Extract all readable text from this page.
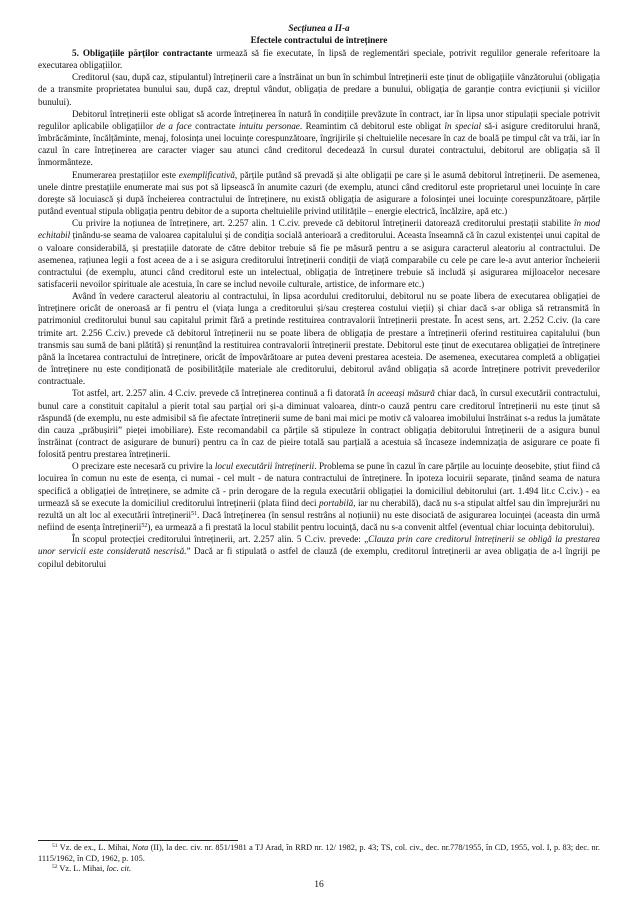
Secțiunea a II-a

Efectele contractului de întreținere

5. Obligațiile părților contractante urmează să fie executate, în lipsă de reglementări speciale, potrivit regulilor generale referitoare la executarea obligațiilor.

Creditorul (sau, după caz, stipulantul) întreținerii care a înstrăinat un bun în schimbul întreținerii este ținut de obligațiile vânzătorului (obligația de a transmite proprietatea bunului sau, după caz, dreptul vândut, obligația de predare a bunului, obligația de garanție contra evicțiunii și viciilor bunului).

Debitorul întreținerii este obligat să acorde întreținerea în natură în condițiile prevăzute în contract, iar în lipsa unor stipulații speciale potrivit regulilor aplicabile obligațiilor de a face contractate intuitu personae. Reamintim că debitorul este obligat în special să-i asigure creditorului hrană, îmbrăcăminte, încălțăminte, menaj, folosința unei locuințe corespunzătoare, îngrijirile și cheltuielile necesare în caz de boală pe timpul cât va trăi, iar în cazul în care întreținerea are caracter viager sau atunci când creditorul decedează în cursul duratei contractului, debitorul are obligația să îl înmormânteze.

Enumerarea prestațiilor este exemplificativă, părțile putând să prevadă și alte obligații pe care și le asumă debitorul întreținerii. De asemenea, unele dintre prestațiile enumerate mai sus pot să lipsească în anumite cazuri (de exemplu, atunci când creditorul este proprietarul unei locuințe în care dorește să locuiască și după încheierea contractului de întreținere, nu există obligația de asigurare a folosinței unei locuințe corespunzătoare, părțile putând eventual stipula obligația pentru debitor de a suporta cheltuielile privind utilitățile – energie electrică, încălzire, apă etc.)

Cu privire la noțiunea de întreținere, art. 2.257 alin. 1 C.civ. prevede că debitorul întreținerii datorează creditorului prestații stabilite în mod echitabil ținându-se seama de valoarea capitalului și de condiția socială anterioară a creditorului. Aceasta înseamnă că în cazul existenței unui capital de o valoare considerabilă, și prestațiile datorate de către debitor trebuie să fie pe măsură pentru a se asigura caracterul aleatoriu al contractului. De asemenea, rațiunea legii a fost aceea de a i se asigura creditorului întreținerii condiții de viață comparabile cu cele pe care le-a avut anterior încheierii contractului (de exemplu, atunci când creditorul este un intelectual, obligația de întreținere trebuie să includă și asigurarea mijloacelor necesare satisfacerii nevoilor spirituale ale acestuia, în care se includ nevoile culturale, artistice, de informare etc.)

Având în vedere caracterul aleatoriu al contractului, în lipsa acordului creditorului, debitorul nu se poate libera de executarea obligației de întreținere oricât de oneroasă ar fi pentru el (viața lunga a creditorului și/sau creșterea costului vieții) și chiar dacă s-ar obliga să retransmită în patrimoniul creditorului bunul sau capitalul primit fără a pretinde restituirea contravalorii întreținerii prestate. În acest sens, art. 2.252 C.civ. (la care trimite art. 2.256 C.civ.) prevede că debitorul întreținerii nu se poate libera de obligația de prestare a întreținerii oferind restituirea capitalului (bun transmis sau sumă de bani plătită) și renunțând la restituirea contravalorii întreținerii prestate. Debitorul este ținut de executarea obligației de întreținere până la încetarea contractului de întreținere, oricât de împovărătoare ar putea deveni prestarea acesteia. De asemenea, executarea completă a obligației de întreținere nu este condiționată de posibilitățile materiale ale creditorului, debitorul având obligația să acorde întreținere potrivit prevederilor contractuale.

Tot astfel, art. 2.257 alin. 4 C.civ. prevede că întreținerea continuă a fi datorată în aceeași măsură chiar dacă, în cursul executării contractului, bunul care a constituit capitalul a pierit total sau parțial ori și-a diminuat valoarea, dintr-o cauză pentru care creditorul întreținerii nu este ținut să răspundă (de exemplu, nu este admisibil să fie afectate întreținerii sume de bani mai mici pe motiv că valoarea imobilului înstrăinat s-a redus la jumătate din cauza „prăbușirii” pieței imobiliare). Este recomandabil ca părțile să stipuleze în contract obligația debitorului întreținerii de a asigura bunul înstrăinat (contract de asigurare de bunuri) pentru ca în caz de pieire totală sau parțială a acestuia să încaseze indemnizația de asigurare ce poate fi folosită pentru prestarea întreținerii.

O precizare este necesară cu privire la locul executării întreținerii. Problema se pune în cazul în care părțile au locuințe deosebite, știut fiind că locuirea în comun nu este de esența, ci numai - cel mult - de natura contractului de întreținere. În ipoteza locuirii separate, ținând seama de natura specifică a obligației de întreținere, se admite că - prin derogare de la regula executării obligației la domiciliul debitorului (art. 1.494 lit.c C.civ.) - ea urmează să se execute la domiciliul creditorului întreținerii (plata fiind deci portabilă, iar nu cherabilă), dacă nu s-a stipulat altfel sau din împrejurări nu rezultă un alt loc al executării întreținerii$^{51}$. Dacă întreținerea (în sensul restrâns al noțiunii) nu este disociată de asigurarea locuinței (aceasta din urmă nefiind de esența întreținerii$^{52}$), ea urmează a fi prestată la locul stabilit pentru locuință, dacă nu s-a convenit altfel (eventual chiar locuința debitorului).

În scopul protecției creditorului întreținerii, art. 2.257 alin. 5 C.civ. prevede: „Clauza prin care creditorul întreținerii se obligă la prestarea unor servicii este considerată nescrisă.” Dacă ar fi stipulată o astfel de clauză (de exemplu, creditorul întreținerii ar avea obligația de a-l îngriji pe copilul debitorului

$^{51}$ Vz. de ex., L. Mihai, Nota (II), la dec. civ. nr. 851/1981 a TJ Arad, în RRD nr. 12/ 1982, p. 43; TS, col. civ., dec. nr.778/1955, în CD, 1955, vol. I, p. 83; dec. nr. 1115/1962, în CD, 1962, p. 105.

$^{52}$ Vz. L. Mihai, loc. cit.

16
